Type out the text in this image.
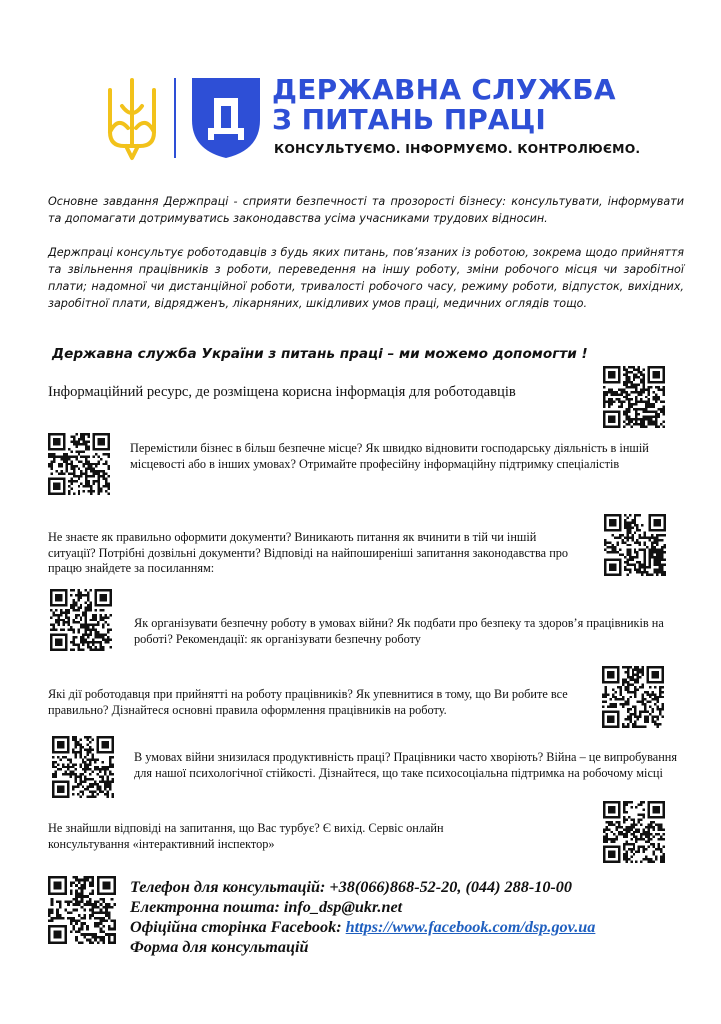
ДЕРЖАВНА СЛУЖБА
З ПИТАНЬ ПРАЦІ
КОНСУЛЬТУЄМО. ІНФОРМУЄМО. КОНТРОЛЮЄМО.
Основне завдання Держпраці - сприяти безпечності та прозорості бізнесу: консультувати, інформувати та допомагати дотримуватись законодавства усіма учасниками трудових відносин.
Держпраці консультує роботодавців з будь яких питань, пов’язаних із роботою, зокрема щодо прийняття та звільнення працівників з роботи, переведення на іншу роботу, зміни робочого місця чи заробітної плати; надомної чи дистанційної роботи, тривалості робочого часу, режиму роботи, відпусток, вихідних, заробітної плати, відрядженъ, лікарняних, шкідливих умов праці, медичних оглядів тощо.
Державна служба України з питань праці – ми можемо допомогти !
Інформаційний ресурс, де розміщена корисна інформація для роботодавців
Перемістили бізнес в більш безпечне місце? Як швидко відновити господарську діяльність в іншій місцевості або в інших умовах? Отримайте професійну інформаційну підтримку спеціалістів
Не знаєте як правильно оформити документи? Виникають питання як вчинити в тій чи іншій ситуації? Потрібні дозвільні документи? Відповіді на найпоширеніші запитання законодавства про працю знайдете за посиланням:
Як організувати безпечну роботу в умовах війни? Як подбати про безпеку та здоров’я працівників на роботі? Рекомендації: як організувати безпечну роботу
Які дії роботодавця при прийнятті на роботу працівників? Як упевнитися в тому, що Ви робите все правильно? Дізнайтеся основні правила оформлення працівників на роботу.
В умовах війни знизилася продуктивність праці? Працівники часто хворіють? Війна – це випробування для нашої психологічної стійкості. Дізнайтеся, що таке психосоціальна підтримка на робочому місці
Не знайшли відповіді на запитання, що Вас турбує? Є вихід. Сервіс онлайн консультування «інтерактивний інспектор»
Телефон для консультацій: +38(066)868-52-20, (044) 288-10-00
Електронна пошта: info_dsp@ukr.net
Офіційна сторінка Facebook: https://www.facebook.com/dsp.gov.ua
Форма для консультацій
